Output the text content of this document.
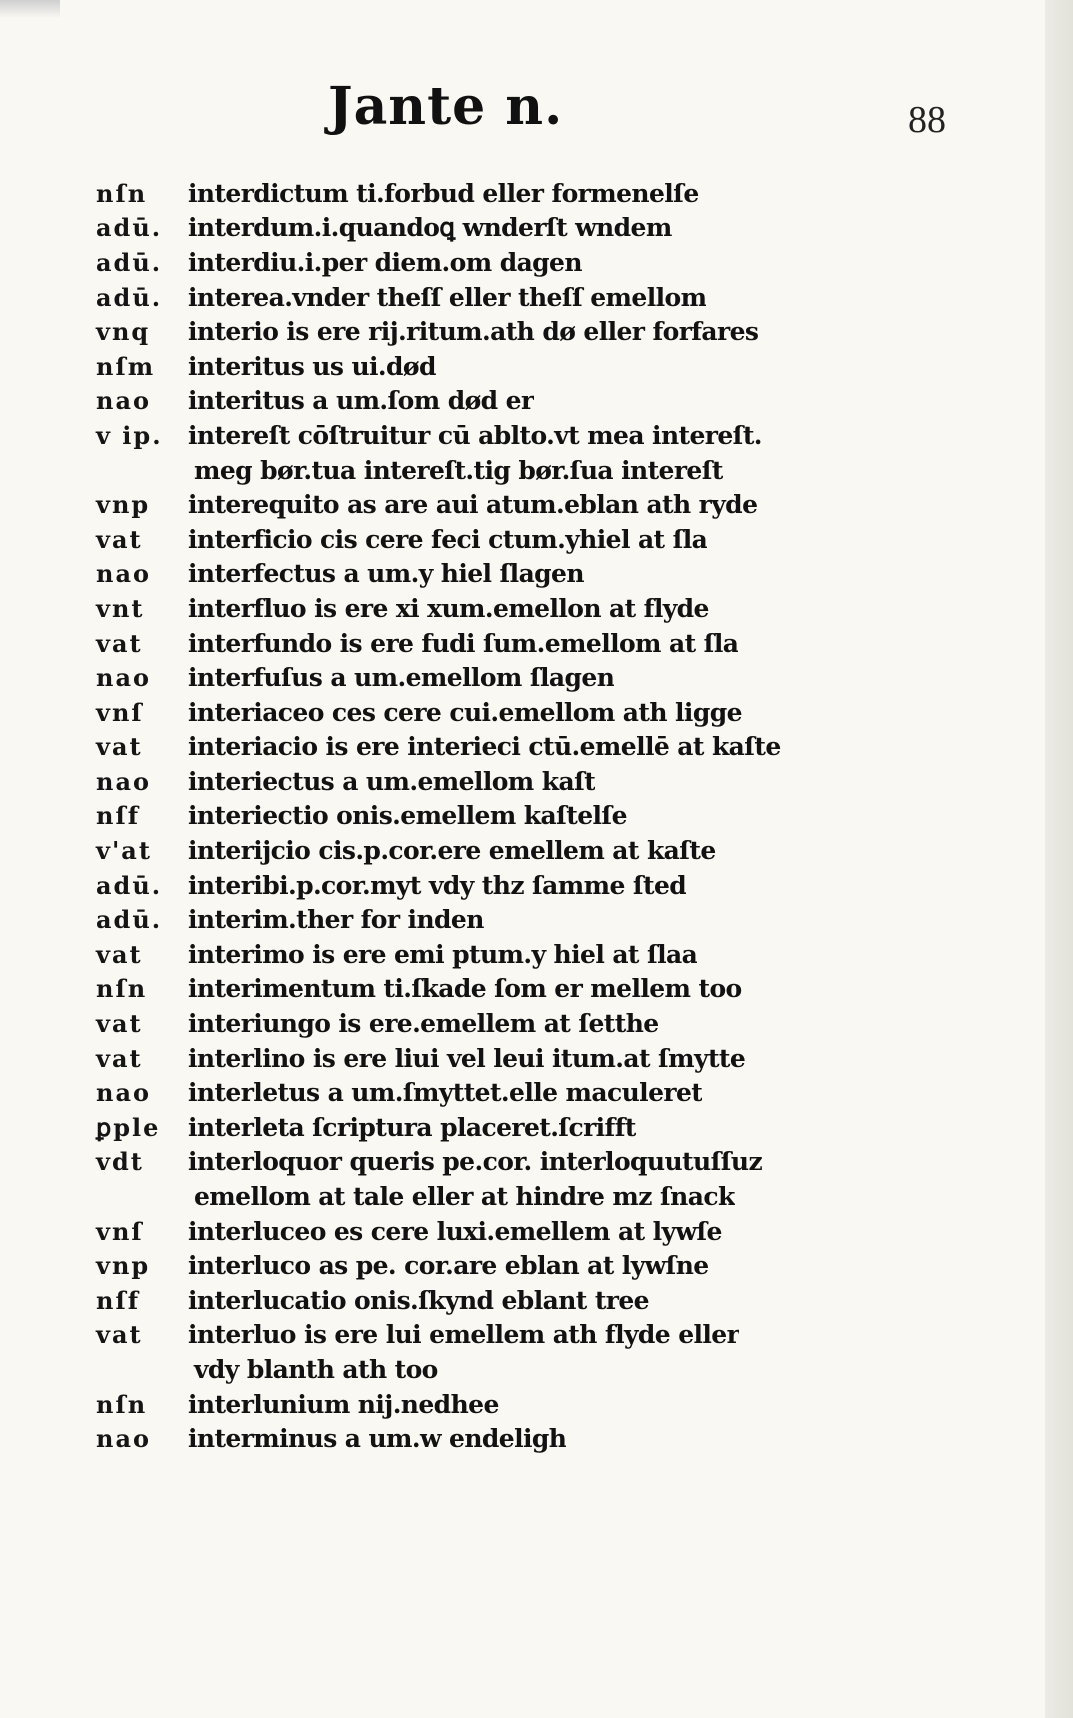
Jante n.	88
nſn	interdictum ti.forbud eller formenelſe
adū.	interdum.i.quandoꝗ wnderſt wndem
adū.	interdiu.i.per diem.om dagen
adū.	interea.vnder theſſ eller theſſ emellom
vnq	interio is ere rij.ritum.ath dø eller forfares
nſm	interitus us ui.død
nao	interitus a um.ſom død er
v ip.	intereſt cōſtruitur cū ablto.vt mea intereſt.
meg bør.tua intereſt.tig bør.ſua intereſt
vnp	interequito as are aui atum.eblan ath ryde
vat	interficio cis cere feci ctum.yhiel at ſla
nao	interfectus a um.y hiel ſlagen
vnt	interfluo is ere xi xum.emellon at flyde
vat	interfundo is ere fudi ſum.emellom at ſla
nao	interfuſus a um.emellom ſlagen
vnſ	interiaceo ces cere cui.emellom ath ligge
vat	interiacio is ere interieci ctū.emellē at kaſte
nao	interiectus a um.emellom kaſt
nſf	interiectio onis.emellem kaſtelſe
v'at	interijcio cis.p.cor.ere emellem at kaſte
adū.	interibi.p.cor.myt vdy thz ſamme ſted
adū.	interim.ther for inden
vat	interimo is ere emi ptum.y hiel at ſlaa
nſn	interimentum ti.ſkade ſom er mellem too
vat	interiungo is ere.emellem at ſetthe
vat	interlino is ere liui vel leui itum.at ſmytte
nao	interletus a um.ſmyttet.elle maculeret
ꝑple	interleta ſcriptura placeret.ſcrifft
vdt	interloquor queris pe.cor. interloquutuſſuz
emellom at tale eller at hindre mz ſnack
vnſ	interluceo es cere luxi.emellem at lywſe
vnp	interluco as pe. cor.are eblan at lywſne
nſf	interlucatio onis.ſkynd eblant tree
vat	interluo is ere lui emellem ath flyde eller
vdy blanth ath too
nſn	interlunium nij.nedhee
nao	interminus a um.w endeligh
